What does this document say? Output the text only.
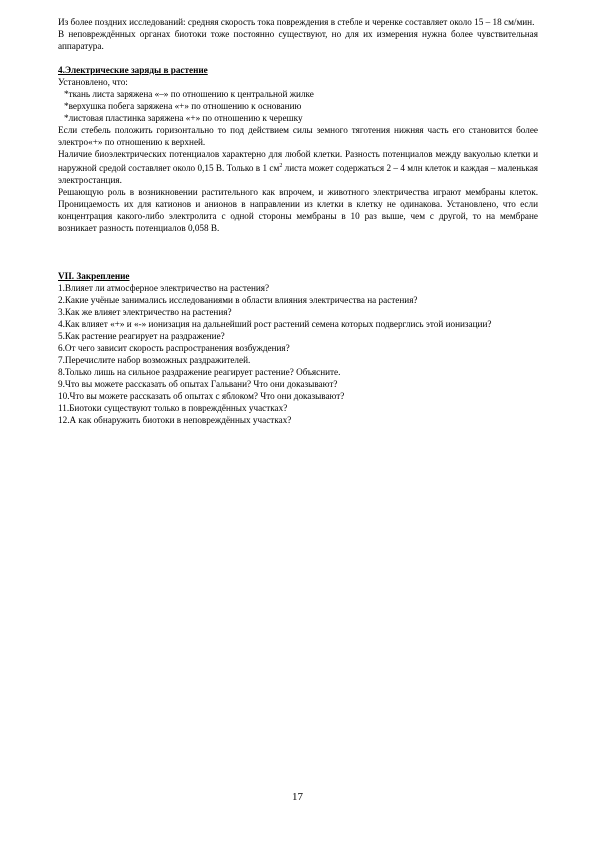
Из более поздних исследований: средняя скорость тока повреждения в стебле и черенке составляет около 15 – 18 см/мин.

В неповреждённых органах биотоки тоже постоянно существуют, но для их измерения нужна более чувствительная аппаратура.

4.Электрические заряды в растение

Установлено, что:

*ткань листа заряжена «–» по отношению к центральной жилке

*верхушка побега заряжена «+» по отношению к основанию

*листовая пластинка заряжена «+» по отношению к черешку

Если стебель положить горизонтально то под действием силы земного тяготения нижняя часть его становится более электро«+» по отношению к верхней.

Наличие биоэлектрических потенциалов характерно для любой клетки. Разность потенциалов между вакуолью клетки и наружной средой составляет около 0,15 В. Только в 1 $см^2$ листа может содержаться 2 – 4 млн клеток и каждая – маленькая электростанция.

Решающую роль в возникновении растительного как впрочем, и животного электричества играют мембраны клеток. Проницаемость их для катионов и анионов в направлении из клетки в клетку не одинакова. Установлено, что если концентрация какого-либо электролита с одной стороны мембраны в 10 раз выше, чем с другой, то на мембране возникает разность потенциалов 0,058 В.

VII. Закрепление

1.Влияет ли атмосферное электричество на растения?

2.Какие учёные занимались исследованиями в области влияния электричества на растения?

3.Как же влияет электричество на растения?

4.Как влияет «+» и «-» ионизация на дальнейший рост растений семена которых подверглись этой ионизации?

5.Как растение реагирует на раздражение?

6.От чего зависит скорость распространения возбуждения?

7.Перечислите набор возможных раздражителей.

8.Только лишь на сильное раздражение реагирует растение? Объясните.

9.Что вы можете рассказать об опытах Гальвани? Что они доказывают?

10.Что вы можете рассказать об опытах с яблоком? Что они доказывают?

11.Биотоки существуют только в повреждённых участках?

12.А как обнаружить биотоки в неповреждённых участках?

17
